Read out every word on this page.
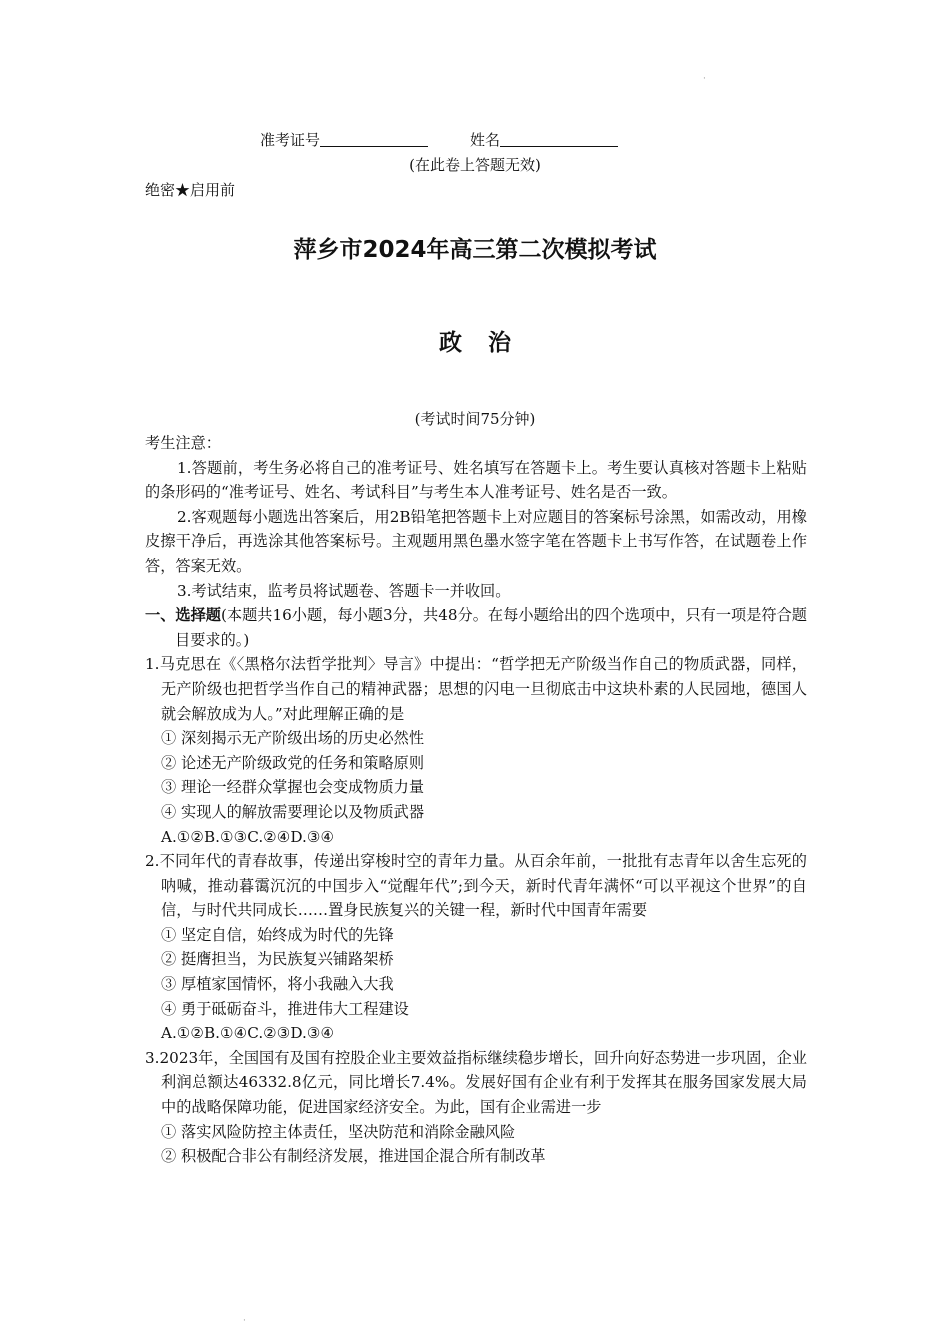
·
准考证号	姓名
(在此卷上答题无效)
绝密★启用前
萍乡市2024年高三第二次模拟考试
政 治
(考试时间75分钟)

考生注意：

1.答题前，考生务必将自己的准考证号、姓名填写在答题卡上。考生要认真核对答题卡上粘贴的条形码的“准考证号、姓名、考试科目”与考生本人准考证号、姓名是否一致。

2.客观题每小题选出答案后，用2B铅笔把答题卡上对应题目的答案标号涂黑，如需改动，用橡皮擦干净后，再选涂其他答案标号。主观题用黑色墨水签字笔在答题卡上书写作答，在试题卷上作答，答案无效。

3.考试结束，监考员将试题卷、答题卡一并收回。

一、选择题(本题共16小题，每小题3分，共48分。在每小题给出的四个选项中，只有一项是符合题目要求的。)

1.马克思在《〈黑格尔法哲学批判〉导言》中提出：“哲学把无产阶级当作自己的物质武器，同样，无产阶级也把哲学当作自己的精神武器；思想的闪电一旦彻底击中这块朴素的人民园地，德国人就会解放成为人。”对此理解正确的是

① 深刻揭示无产阶级出场的历史必然性

② 论述无产阶级政党的任务和策略原则

③ 理论一经群众掌握也会变成物质力量

④ 实现人的解放需要理论以及物质武器

A.①②B.①③C.②④D.③④

2.不同年代的青春故事，传递出穿梭时空的青年力量。从百余年前，一批批有志青年以舍生忘死的呐喊，推动暮霭沉沉的中国步入“觉醒年代”;到今天，新时代青年满怀“可以平视这个世界”的自信，与时代共同成长……置身民族复兴的关键一程，新时代中国青年需要

① 坚定自信，始终成为时代的先锋

② 挺膺担当，为民族复兴铺路架桥

③ 厚植家国情怀，将小我融入大我

④ 勇于砥砺奋斗，推进伟大工程建设

A.①②B.①④C.②③D.③④

3.2023年，全国国有及国有控股企业主要效益指标继续稳步增长，回升向好态势进一步巩固，企业利润总额达46332.8亿元，同比增长7.4%。发展好国有企业有利于发挥其在服务国家发展大局中的战略保障功能，促进国家经济安全。为此，国有企业需进一步

① 落实风险防控主体责任，坚决防范和消除金融风险

② 积极配合非公有制经济发展，推进国企混合所有制改革

·
